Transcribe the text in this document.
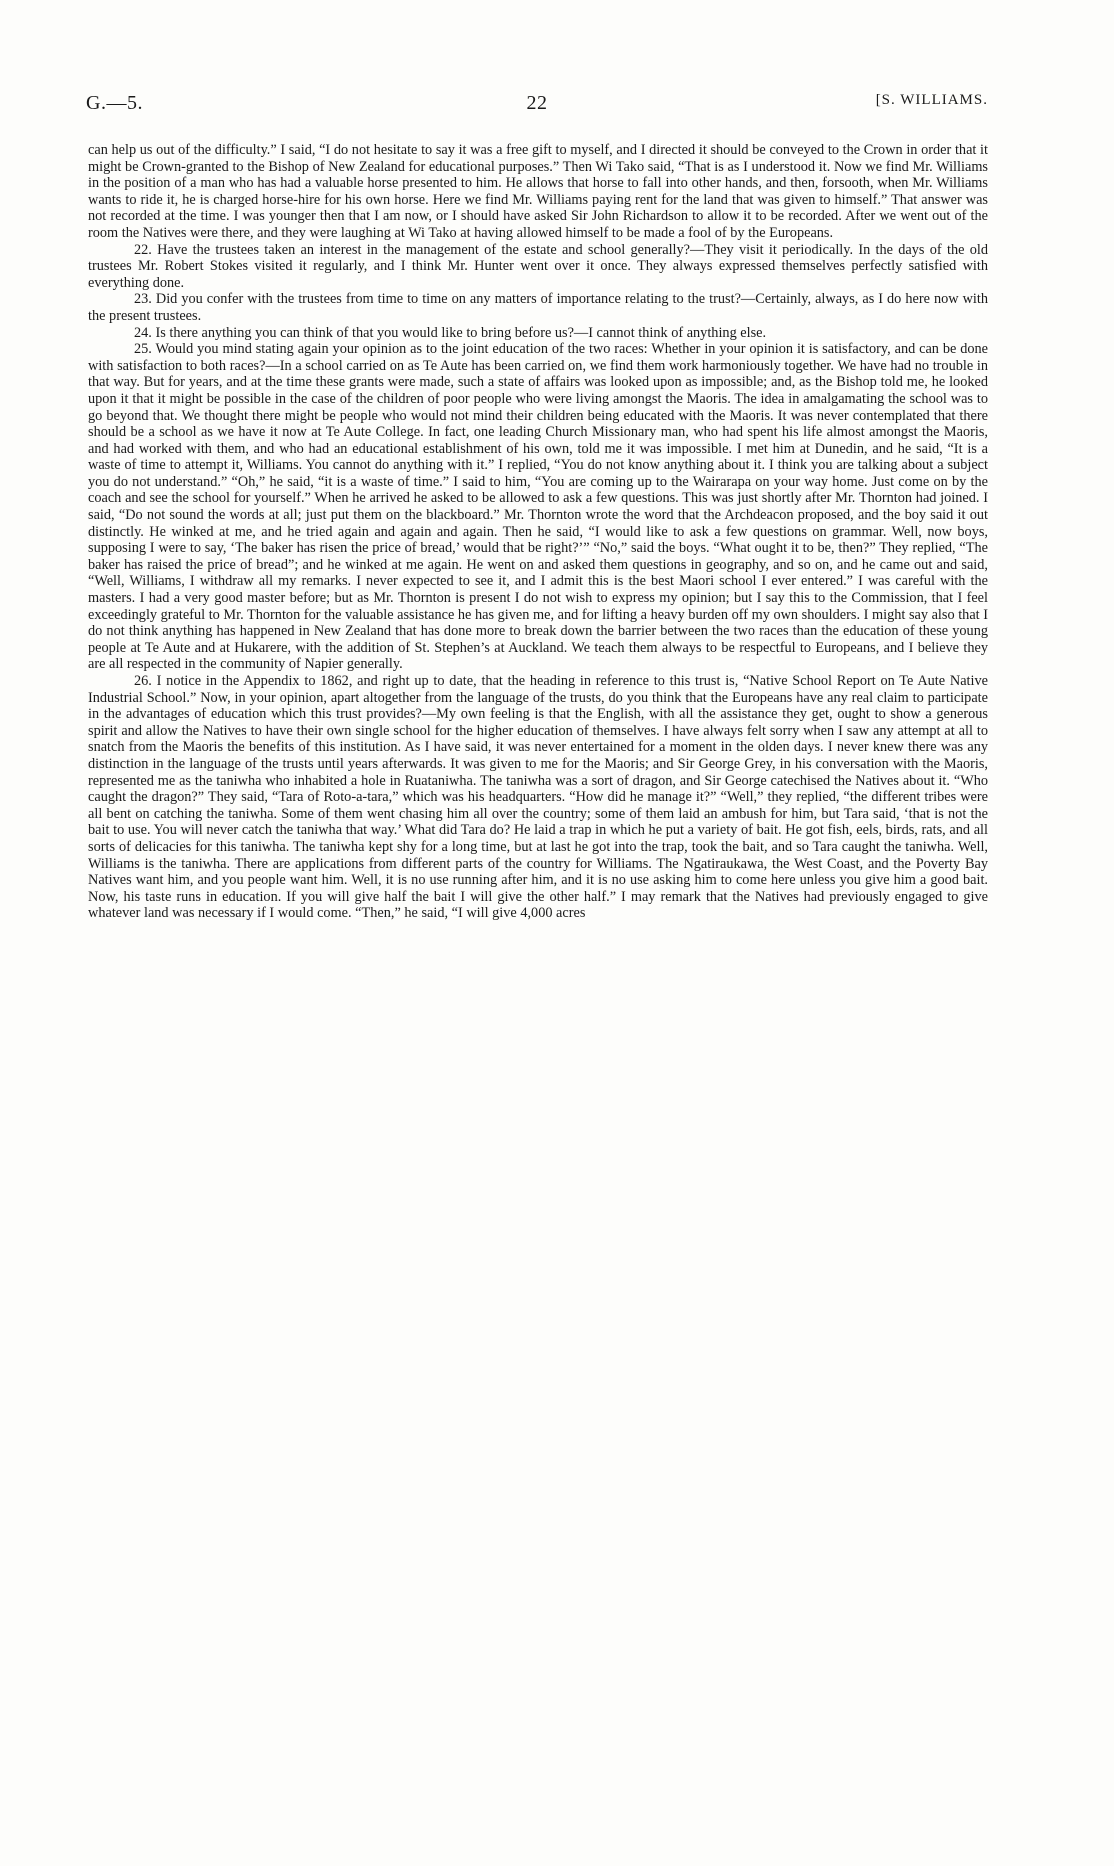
G.—5.	22	[S. WILLIAMS.

can help us out of the difficulty.” I said, “I do not hesitate to say it was a free gift to myself, and I directed it should be conveyed to the Crown in order that it might be Crown-granted to the Bishop of New Zealand for educational purposes.” Then Wi Tako said, “That is as I understood it. Now we find Mr. Williams in the position of a man who has had a valuable horse presented to him. He allows that horse to fall into other hands, and then, forsooth, when Mr. Williams wants to ride it, he is charged horse-hire for his own horse. Here we find Mr. Williams paying rent for the land that was given to himself.” That answer was not recorded at the time. I was younger then that I am now, or I should have asked Sir John Richardson to allow it to be recorded. After we went out of the room the Natives were there, and they were laughing at Wi Tako at having allowed himself to be made a fool of by the Europeans.

22. Have the trustees taken an interest in the management of the estate and school generally?—They visit it periodically. In the days of the old trustees Mr. Robert Stokes visited it regularly, and I think Mr. Hunter went over it once. They always expressed themselves perfectly satisfied with everything done.

23. Did you confer with the trustees from time to time on any matters of importance relating to the trust?—Certainly, always, as I do here now with the present trustees.

24. Is there anything you can think of that you would like to bring before us?—I cannot think of anything else.

25. Would you mind stating again your opinion as to the joint education of the two races: Whether in your opinion it is satisfactory, and can be done with satisfaction to both races?—In a school carried on as Te Aute has been carried on, we find them work harmoniously together. We have had no trouble in that way. But for years, and at the time these grants were made, such a state of affairs was looked upon as impossible; and, as the Bishop told me, he looked upon it that it might be possible in the case of the children of poor people who were living amongst the Maoris. The idea in amalgamating the school was to go beyond that. We thought there might be people who would not mind their children being educated with the Maoris. It was never contemplated that there should be a school as we have it now at Te Aute College. In fact, one leading Church Missionary man, who had spent his life almost amongst the Maoris, and had worked with them, and who had an educational establishment of his own, told me it was impossible. I met him at Dunedin, and he said, “It is a waste of time to attempt it, Williams. You cannot do anything with it.” I replied, “You do not know anything about it. I think you are talking about a subject you do not understand.” “Oh,” he said, “it is a waste of time.” I said to him, “You are coming up to the Wairarapa on your way home. Just come on by the coach and see the school for yourself.” When he arrived he asked to be allowed to ask a few questions. This was just shortly after Mr. Thornton had joined. I said, “Do not sound the words at all; just put them on the blackboard.” Mr. Thornton wrote the word that the Archdeacon proposed, and the boy said it out distinctly. He winked at me, and he tried again and again and again. Then he said, “I would like to ask a few questions on grammar. Well, now boys, supposing I were to say, ‘The baker has risen the price of bread,’ would that be right?’” “No,” said the boys. “What ought it to be, then?” They replied, “The baker has raised the price of bread”; and he winked at me again. He went on and asked them questions in geography, and so on, and he came out and said, “Well, Williams, I withdraw all my remarks. I never expected to see it, and I admit this is the best Maori school I ever entered.” I was careful with the masters. I had a very good master before; but as Mr. Thornton is present I do not wish to express my opinion; but I say this to the Commission, that I feel exceedingly grateful to Mr. Thornton for the valuable assistance he has given me, and for lifting a heavy burden off my own shoulders. I might say also that I do not think anything has happened in New Zealand that has done more to break down the barrier between the two races than the education of these young people at Te Aute and at Hukarere, with the addition of St. Stephen’s at Auckland. We teach them always to be respectful to Europeans, and I believe they are all respected in the community of Napier generally.

26. I notice in the Appendix to 1862, and right up to date, that the heading in reference to this trust is, “Native School Report on Te Aute Native Industrial School.” Now, in your opinion, apart altogether from the language of the trusts, do you think that the Europeans have any real claim to participate in the advantages of education which this trust provides?—My own feeling is that the English, with all the assistance they get, ought to show a generous spirit and allow the Natives to have their own single school for the higher education of themselves. I have always felt sorry when I saw any attempt at all to snatch from the Maoris the benefits of this institution. As I have said, it was never entertained for a moment in the olden days. I never knew there was any distinction in the language of the trusts until years afterwards. It was given to me for the Maoris; and Sir George Grey, in his conversation with the Maoris, represented me as the taniwha who inhabited a hole in Ruataniwha. The taniwha was a sort of dragon, and Sir George catechised the Natives about it. “Who caught the dragon?” They said, “Tara of Roto-a-tara,” which was his headquarters. “How did he manage it?” “Well,” they replied, “the different tribes were all bent on catching the taniwha. Some of them went chasing him all over the country; some of them laid an ambush for him, but Tara said, ‘that is not the bait to use. You will never catch the taniwha that way.’ What did Tara do? He laid a trap in which he put a variety of bait. He got fish, eels, birds, rats, and all sorts of delicacies for this taniwha. The taniwha kept shy for a long time, but at last he got into the trap, took the bait, and so Tara caught the taniwha. Well, Williams is the taniwha. There are applications from different parts of the country for Williams. The Ngatiraukawa, the West Coast, and the Poverty Bay Natives want him, and you people want him. Well, it is no use running after him, and it is no use asking him to come here unless you give him a good bait. Now, his taste runs in education. If you will give half the bait I will give the other half.” I may remark that the Natives had previously engaged to give whatever land was necessary if I would come. “Then,” he said, “I will give 4,000 acres
